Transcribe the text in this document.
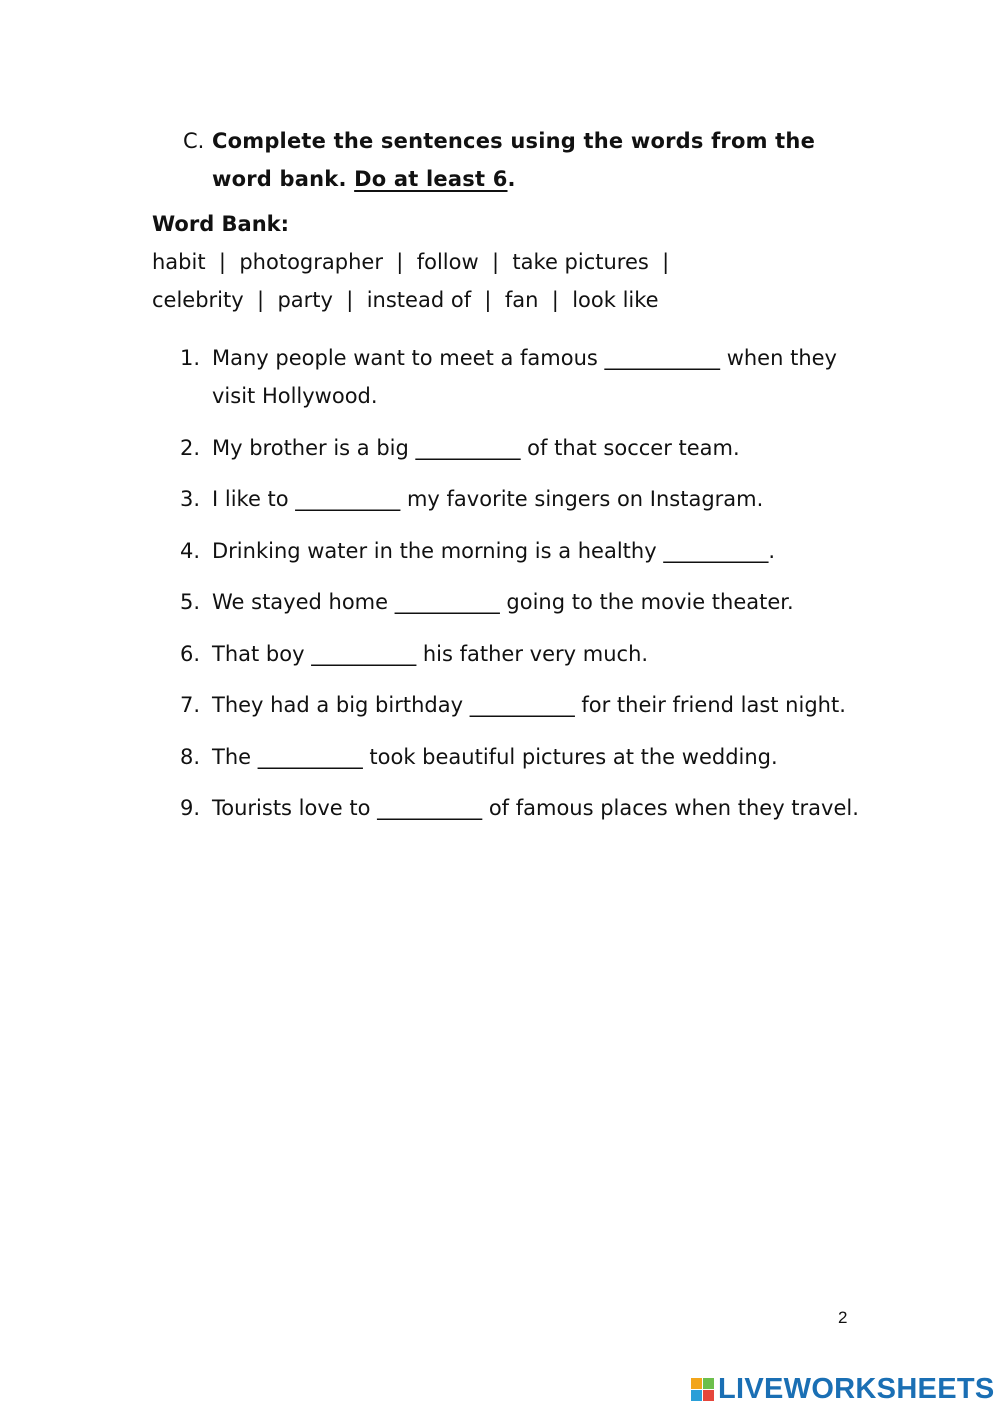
C. Complete the sentences using the words from the word bank. Do at least 6.
Word Bank:
habit  |  photographer  |  follow  |  take pictures  |
celebrity  |  party  |  instead of  |  fan  |  look like
1. Many people want to meet a famous ___________ when they visit Hollywood.
2. My brother is a big __________ of that soccer team.
3. I like to __________ my favorite singers on Instagram.
4. Drinking water in the morning is a healthy __________.
5. We stayed home __________ going to the movie theater.
6. That boy __________ his father very much.
7. They had a big birthday __________ for their friend last night.
8. The __________ took beautiful pictures at the wedding.
9. Tourists love to __________ of famous places when they travel.
2
LIVEWORKSHEETS
